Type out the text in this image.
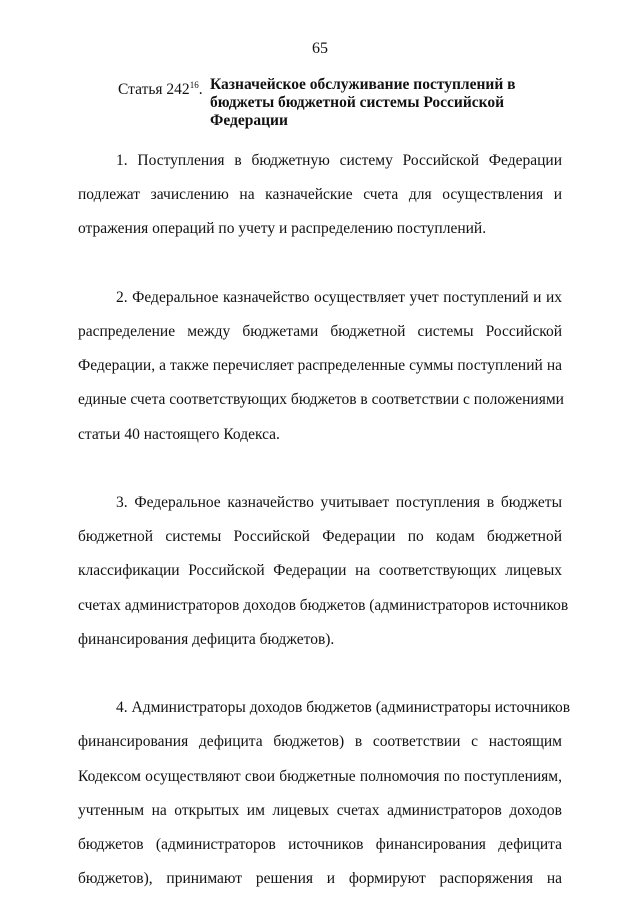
65
Статья $242^{16}$. Казначейское обслуживание поступлений в бюджеты бюджетной системы Российской Федерации
1. Поступления в бюджетную систему Российской Федерации
подлежат зачислению на казначейские счета для осуществления и
отражения операций по учету и распределению поступлений.
2. Федеральное казначейство осуществляет учет поступлений и их
распределение между бюджетами бюджетной системы Российской
Федерации, а также перечисляет распределенные суммы поступлений на
единые счета соответствующих бюджетов в соответствии с положениями
статьи 40 настоящего Кодекса.
3. Федеральное казначейство учитывает поступления в бюджеты
бюджетной системы Российской Федерации по кодам бюджетной
классификации Российской Федерации на соответствующих лицевых
счетах администраторов доходов бюджетов (администраторов источников
финансирования дефицита бюджетов).
4. Администраторы доходов бюджетов (администраторы источников
финансирования дефицита бюджетов) в соответствии с настоящим
Кодексом осуществляют свои бюджетные полномочия по поступлениям,
учтенным на открытых им лицевых счетах администраторов доходов
бюджетов (администраторов источников финансирования дефицита
бюджетов), принимают решения и формируют распоряжения на
